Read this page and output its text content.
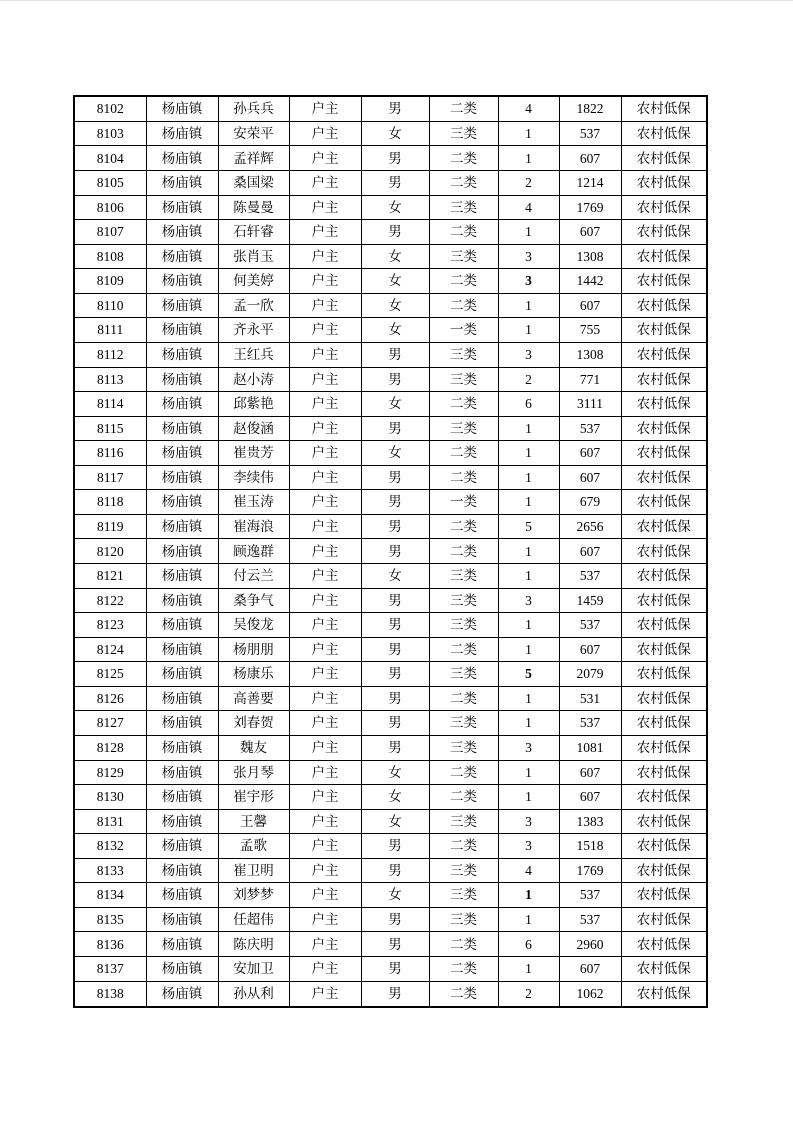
8102	杨庙镇	孙兵兵	户主	男	二类	4	1822	农村低保
8103	杨庙镇	安荣平	户主	女	三类	1	537	农村低保
8104	杨庙镇	孟祥辉	户主	男	二类	1	607	农村低保
8105	杨庙镇	桑国梁	户主	男	二类	2	1214	农村低保
8106	杨庙镇	陈曼曼	户主	女	三类	4	1769	农村低保
8107	杨庙镇	石轩睿	户主	男	二类	1	607	农村低保
8108	杨庙镇	张肖玉	户主	女	三类	3	1308	农村低保
8109	杨庙镇	何美婷	户主	女	二类	3	1442	农村低保
8110	杨庙镇	孟一欣	户主	女	二类	1	607	农村低保
8111	杨庙镇	齐永平	户主	女	一类	1	755	农村低保
8112	杨庙镇	王红兵	户主	男	三类	3	1308	农村低保
8113	杨庙镇	赵小涛	户主	男	三类	2	771	农村低保
8114	杨庙镇	邱紫艳	户主	女	二类	6	3111	农村低保
8115	杨庙镇	赵俊涵	户主	男	三类	1	537	农村低保
8116	杨庙镇	崔贵芳	户主	女	二类	1	607	农村低保
8117	杨庙镇	李续伟	户主	男	二类	1	607	农村低保
8118	杨庙镇	崔玉涛	户主	男	一类	1	679	农村低保
8119	杨庙镇	崔海浪	户主	男	二类	5	2656	农村低保
8120	杨庙镇	顾逸群	户主	男	二类	1	607	农村低保
8121	杨庙镇	付云兰	户主	女	三类	1	537	农村低保
8122	杨庙镇	桑争气	户主	男	三类	3	1459	农村低保
8123	杨庙镇	吴俊龙	户主	男	三类	1	537	农村低保
8124	杨庙镇	杨朋朋	户主	男	二类	1	607	农村低保
8125	杨庙镇	杨康乐	户主	男	三类	5	2079	农村低保
8126	杨庙镇	高善要	户主	男	二类	1	531	农村低保
8127	杨庙镇	刘春贺	户主	男	三类	1	537	农村低保
8128	杨庙镇	魏友	户主	男	三类	3	1081	农村低保
8129	杨庙镇	张月琴	户主	女	二类	1	607	农村低保
8130	杨庙镇	崔宇形	户主	女	二类	1	607	农村低保
8131	杨庙镇	王馨	户主	女	三类	3	1383	农村低保
8132	杨庙镇	孟歌	户主	男	二类	3	1518	农村低保
8133	杨庙镇	崔卫明	户主	男	三类	4	1769	农村低保
8134	杨庙镇	刘梦梦	户主	女	三类	1	537	农村低保
8135	杨庙镇	任超伟	户主	男	三类	1	537	农村低保
8136	杨庙镇	陈庆明	户主	男	二类	6	2960	农村低保
8137	杨庙镇	安加卫	户主	男	二类	1	607	农村低保
8138	杨庙镇	孙从利	户主	男	二类	2	1062	农村低保
